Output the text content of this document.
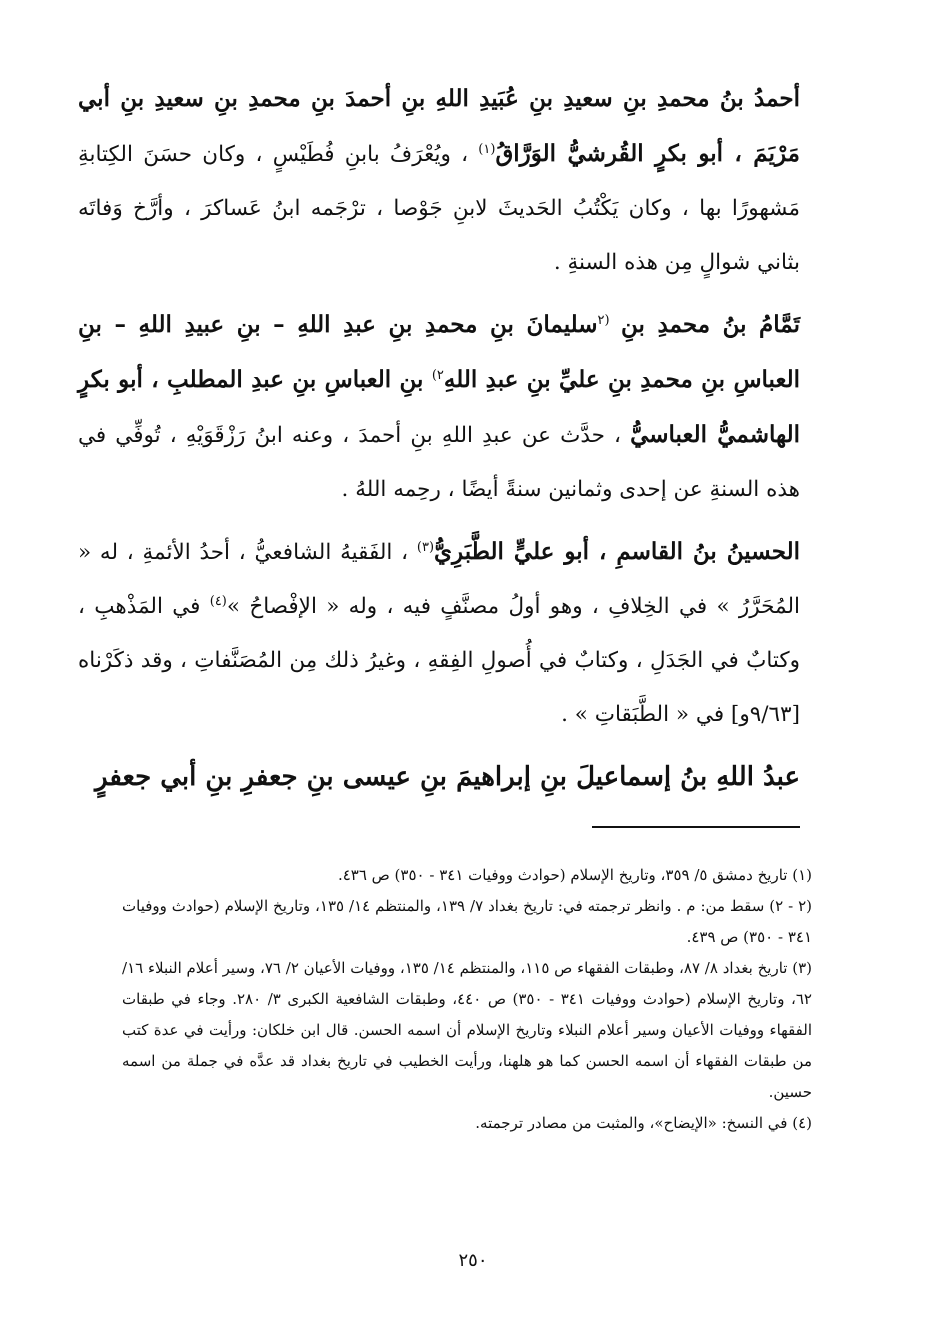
أحمدُ بنُ محمدِ بنِ سعيدِ بنِ عُبَيدِ اللهِ بنِ أحمدَ بنِ محمدِ بنِ سعيدِ بنِ أبي مَرْيَمَ ، أبو بكرٍ القُرشيُّ الوَرَّاقُ$^{(١)}$ ، ويُعْرَفُ بابنِ فُطَيْسٍ ، وكان حسَنَ الكِتابةِ مَشهورًا بها ، وكان يَكْتُبُ الحَديثَ لابنِ جَوْصا ، ترْجَمه ابنُ عَساكرَ ، وأرَّخ وَفاتَه بثاني شوالٍ مِن هذه السنةِ .

تَمَّامُ بنُ محمدِ بنِ $^{(٢}$سليمانَ بنِ محمدِ بنِ عبدِ اللهِ – بنِ عبيدِ اللهِ – بنِ العباسِ بنِ محمدِ بنِ عليِّ بنِ عبدِ اللهِ$^{٢)}$ بنِ العباسِ بنِ عبدِ المطلبِ ، أبو بكرٍ الهاشميُّ العباسيُّ ، حدَّث عن عبدِ اللهِ بنِ أحمدَ ، وعنه ابنُ رَزْقَوَيْهِ ، تُوفِّي في هذه السنةِ عن إحدى وثمانين سنةً أيضًا ، رحِمه اللهُ .

الحسينُ بنُ القاسمِ ، أبو عليٍّ الطَّبَرِيُّ$^{(٣)}$ ، الفَقيهُ الشافعيُّ ، أحدُ الأئمةِ ، له « المُحَرَّرُ » في الخِلافِ ، وهو أولُ مصنَّفٍ فيه ، وله « الإفْصاحُ »$^{(٤)}$ في المَذْهبِ ، وكتابٌ في الجَدَلِ ، وكتابٌ في أُصولِ الفِقهِ ، وغيرُ ذلك مِن المُصَنَّفاتِ ، وقد ذكَرْناه [٩/٦٣و] في « الطَّبَقاتِ » .

عبدُ اللهِ بنُ إسماعيلَ بنِ إبراهيمَ بنِ عيسى بنِ جعفرِ بنِ أبي جعفرٍ

(١) تاريخ دمشق ٥/ ٣٥٩، وتاريخ الإسلام (حوادث ووفيات ٣٤١ - ٣٥٠) ص ٤٣٦.

(٢ - ٢) سقط من: م . وانظر ترجمته في: تاريخ بغداد ٧/ ١٣٩، والمنتظم ١٤/ ١٣٥، وتاريخ الإسلام (حوادث ووفيات ٣٤١ - ٣٥٠) ص ٤٣٩.

(٣) تاريخ بغداد ٨/ ٨٧، وطبقات الفقهاء ص ١١٥، والمنتظم ١٤/ ١٣٥، ووفيات الأعيان ٢/ ٧٦، وسير أعلام النبلاء ١٦/ ٦٢، وتاريخ الإسلام (حوادث ووفيات ٣٤١ - ٣٥٠) ص ٤٤٠، وطبقات الشافعية الكبرى ٣/ ٢٨٠. وجاء في طبقات الفقهاء ووفيات الأعيان وسير أعلام النبلاء وتاريخ الإسلام أن اسمه الحسن. قال ابن خلكان: ورأيت في عدة كتب من طبقات الفقهاء أن اسمه الحسن كما هو هلهنا، ورأيت الخطيب في تاريخ بغداد قد عدَّه في جملة من اسمه حسين.

(٤) في النسخ: «الإيضاح»، والمثبت من مصادر ترجمته.

٢٥٠
